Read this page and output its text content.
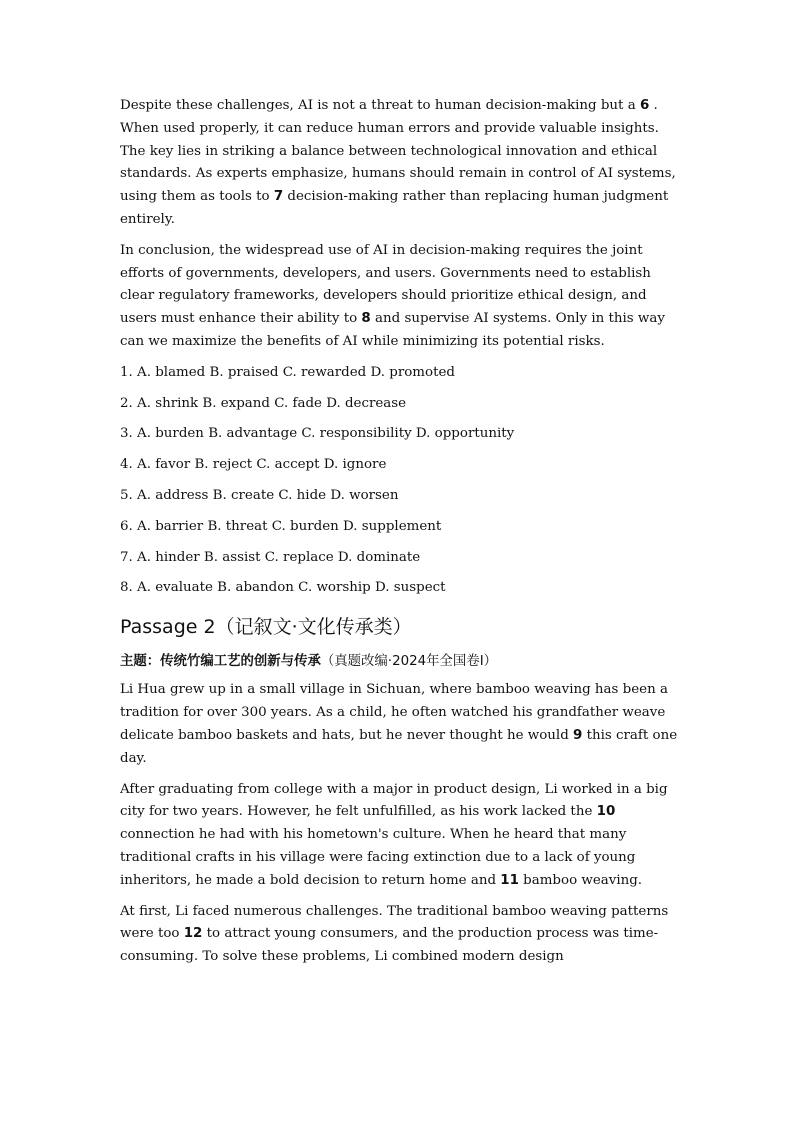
Despite these challenges, AI is not a threat to human decision-making but a 6 . When used properly, it can reduce human errors and provide valuable insights. The key lies in striking a balance between technological innovation and ethical standards. As experts emphasize, humans should remain in control of AI systems, using them as tools to 7 decision-making rather than replacing human judgment entirely.

In conclusion, the widespread use of AI in decision-making requires the joint efforts of governments, developers, and users. Governments need to establish clear regulatory frameworks, developers should prioritize ethical design, and users must enhance their ability to 8 and supervise AI systems. Only in this way can we maximize the benefits of AI while minimizing its potential risks.

1. A. blamed B. praised C. rewarded D. promoted
2. A. shrink B. expand C. fade D. decrease
3. A. burden B. advantage C. responsibility D. opportunity
4. A. favor B. reject C. accept D. ignore
5. A. address B. create C. hide D. worsen
6. A. barrier B. threat C. burden D. supplement
7. A. hinder B. assist C. replace D. dominate
8. A. evaluate B. abandon C. worship D. suspect
Passage 2（记叙文·文化传承类）
主题：传统竹编工艺的创新与传承（真题改编·2024年全国卷Ⅰ）

Li Hua grew up in a small village in Sichuan, where bamboo weaving has been a tradition for over 300 years. As a child, he often watched his grandfather weave delicate bamboo baskets and hats, but he never thought he would 9 this craft one day.

After graduating from college with a major in product design, Li worked in a big city for two years. However, he felt unfulfilled, as his work lacked the 10 connection he had with his hometown's culture. When he heard that many traditional crafts in his village were facing extinction due to a lack of young inheritors, he made a bold decision to return home and 11 bamboo weaving.

At first, Li faced numerous challenges. The traditional bamboo weaving patterns were too 12 to attract young consumers, and the production process was time-consuming. To solve these problems, Li combined modern design
